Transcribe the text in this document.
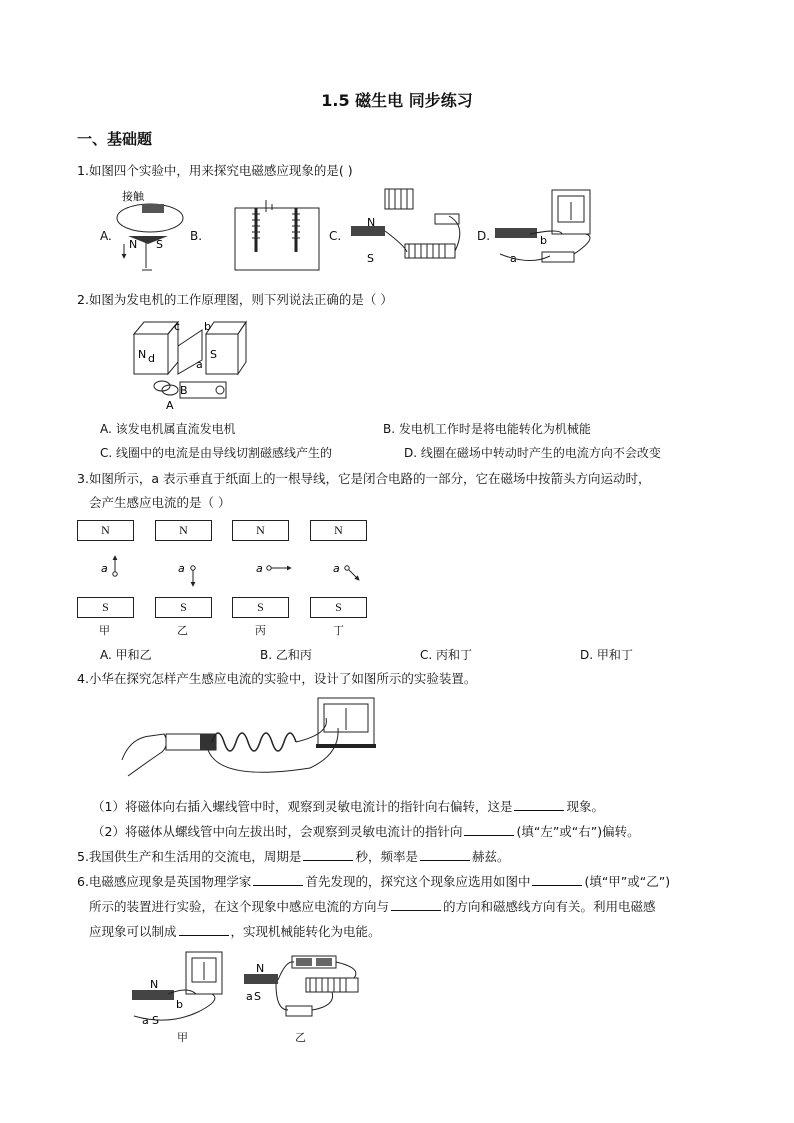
1.5 磁生电 同步练习
一、基础题
1.如图四个实验中，用来探究电磁感应现象的是( )
A.	B.	C.	D.
接触
N S
N
S
b
a
2.如图为发电机的工作原理图，则下列说法正确的是（ ）
N	S
c b
d	a
B
A
A. 该发电机属直流发电机	B. 发电机工作时是将电能转化为机械能
C. 线圈中的电流是由导线切割磁感线产生的	D. 线圈在磁场中转动时产生的电流方向不会改变
3.如图所示，a 表示垂直于纸面上的一根导线，它是闭合电路的一部分，它在磁场中按箭头方向运动时，
会产生感应电流的是（ ）
N	N	N	N
a	a	a	a
S	S	S	S
甲	乙	丙	丁
A. 甲和乙	B. 乙和丙	C. 丙和丁	D. 甲和丁
4.小华在探究怎样产生感应电流的实验中，设计了如图所示的实验装置。
（1）将磁体向右插入螺线管中时，观察到灵敏电流计的指针向右偏转，这是	现象。
（2）将磁体从螺线管中向左拔出时，会观察到灵敏电流计的指针向	(填“左”或“右”)偏转。
5.我国供生产和生活用的交流电，周期是	秒，频率是	赫兹。
6.电磁感应现象是英国物理学家	首先发现的，探究这个现象应选用如图中	(填“甲”或“乙”)
所示的装置进行实验，在这个现象中感应电流的方向与	的方向和磁感线方向有关。利用电磁感
应现象可以制成	，实现机械能转化为电能。
N
b
a S
N
a S
甲	乙
